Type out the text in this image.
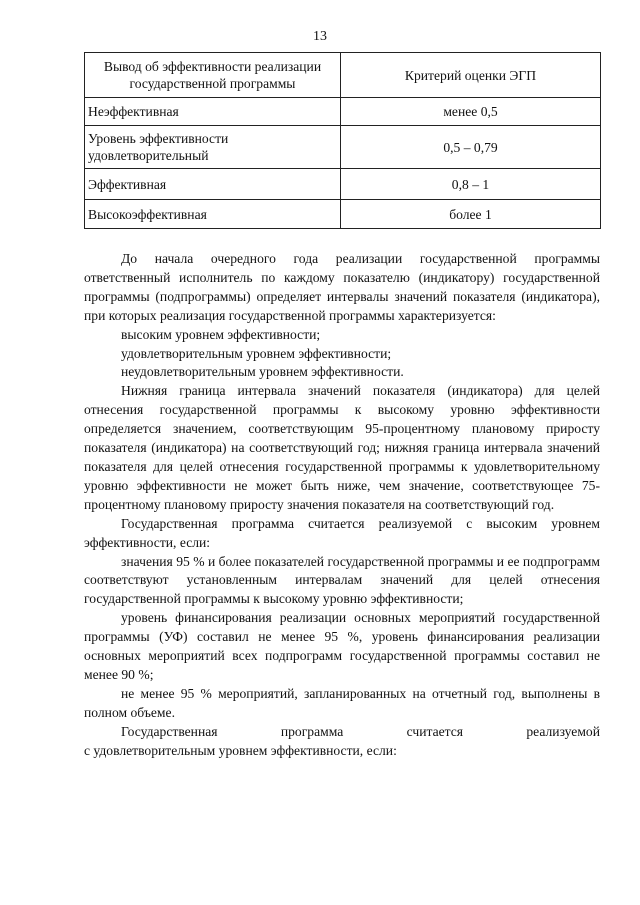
13
Вывод об эффективности реализации государственной программы	Критерий оценки ЭГП
Неэффективная	менее 0,5
Уровень эффективности удовлетворительный	0,5 – 0,79
Эффективная	0,8 – 1
Высокоэффективная	более 1

До начала очередного года реализации государственной программы ответственный исполнитель по каждому показателю (индикатору) государственной программы (подпрограммы) определяет интервалы значений показателя (индикатора), при которых реализация государственной программы характеризуется:

высоким уровнем эффективности;

удовлетворительным уровнем эффективности;

неудовлетворительным уровнем эффективности.

Нижняя граница интервала значений показателя (индикатора) для целей отнесения государственной программы к высокому уровню эффективности определяется значением, соответствующим 95-процентному плановому приросту показателя (индикатора) на соответствующий год; нижняя граница интервала значений показателя для целей отнесения государственной программы к удовлетворительному уровню эффективности не может быть ниже, чем значение, соответствующее 75-процентному плановому приросту значения показателя на соответствующий год.

Государственная программа считается реализуемой с высоким уровнем эффективности, если:

значения 95 % и более показателей государственной программы и ее подпрограмм соответствуют установленным интервалам значений для целей отнесения государственной программы к высокому уровню эффективности;

уровень финансирования реализации основных мероприятий государственной программы (УФ) составил не менее 95 %, уровень финансирования реализации основных мероприятий всех подпрограмм государственной программы составил не менее 90 %;

не менее 95 % мероприятий, запланированных на отчетный год, выполнены в полном объеме.

Государственная программа считается реализуемой

с удовлетворительным уровнем эффективности, если:
